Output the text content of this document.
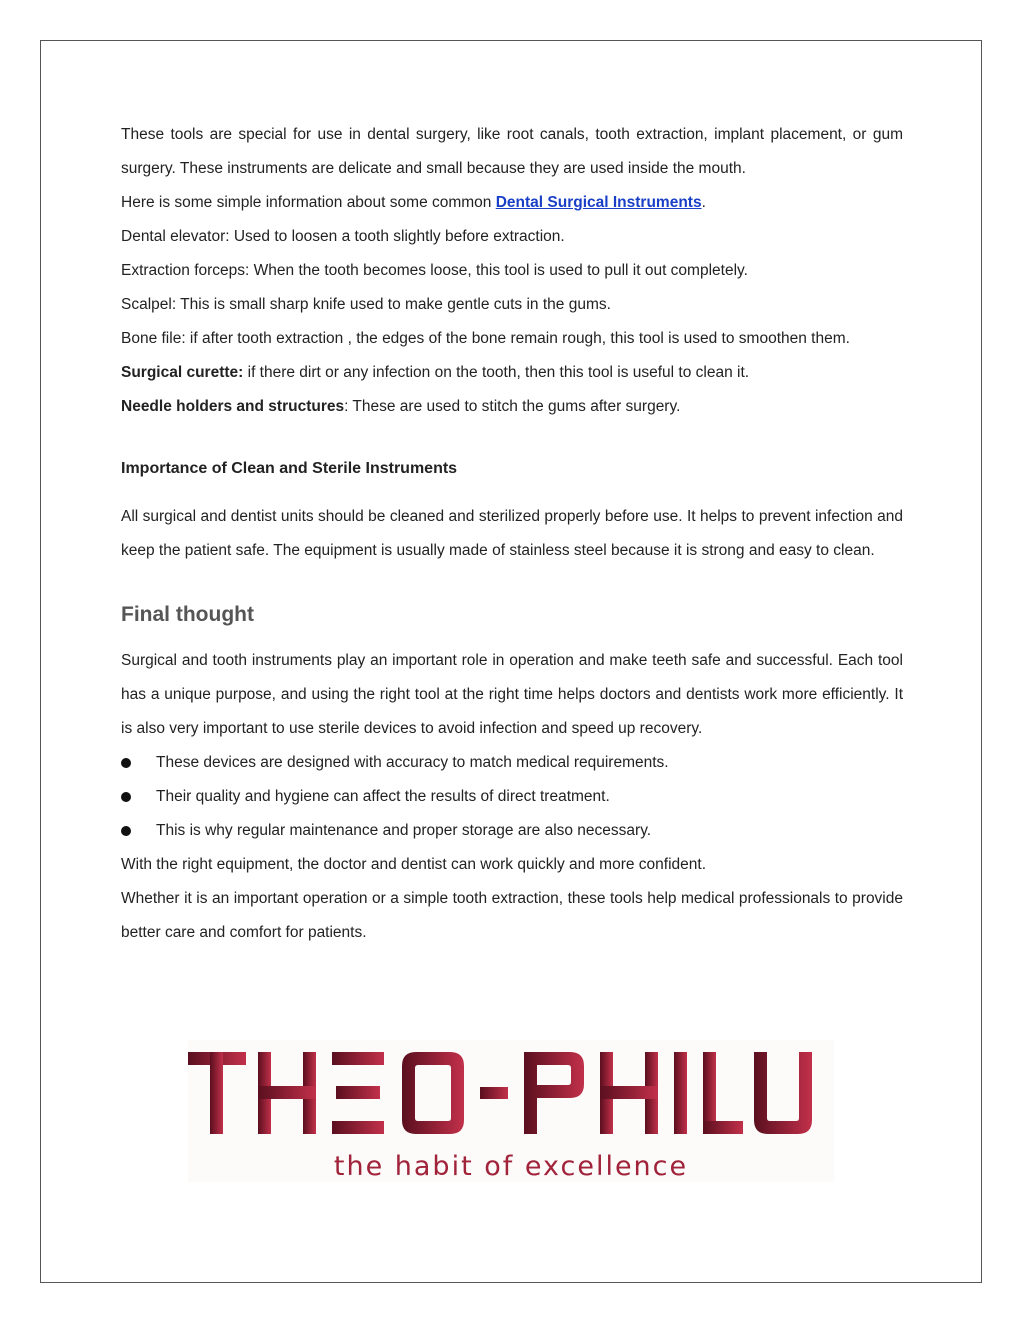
These tools are special for use in dental surgery, like root canals, tooth extraction, implant placement, or gum surgery. These instruments are delicate and small because they are used inside the mouth.

Here is some simple information about some common Dental Surgical Instruments.

Dental elevator: Used to loosen a tooth slightly before extraction.

Extraction forceps: When the tooth becomes loose, this tool is used to pull it out completely.

Scalpel: This is small sharp knife used to make gentle cuts in the gums.

Bone file: if after tooth extraction , the edges of the bone remain rough, this tool is used to smoothen them.

Surgical curette: if there dirt or any infection on the tooth, then this tool is useful to clean it.

Needle holders and structures: These are used to stitch the gums after surgery.

Importance of Clean and Sterile Instruments

All surgical and dentist units should be cleaned and sterilized properly before use. It helps to prevent infection and keep the patient safe. The equipment is usually made of stainless steel because it is strong and easy to clean.

Final thought

Surgical and tooth instruments play an important role in operation and make teeth safe and successful. Each tool has a unique purpose, and using the right tool at the right time helps doctors and dentists work more efficiently. It is also very important to use sterile devices to avoid infection and speed up recovery.

These devices are designed with accuracy to match medical requirements.
Their quality and hygiene can affect the results of direct treatment.
This is why regular maintenance and proper storage are also necessary.

With the right equipment, the doctor and dentist can work quickly and more confident.

Whether it is an important operation or a simple tooth extraction, these tools help medical professionals to provide better care and comfort for patients.

the habit of excellence
